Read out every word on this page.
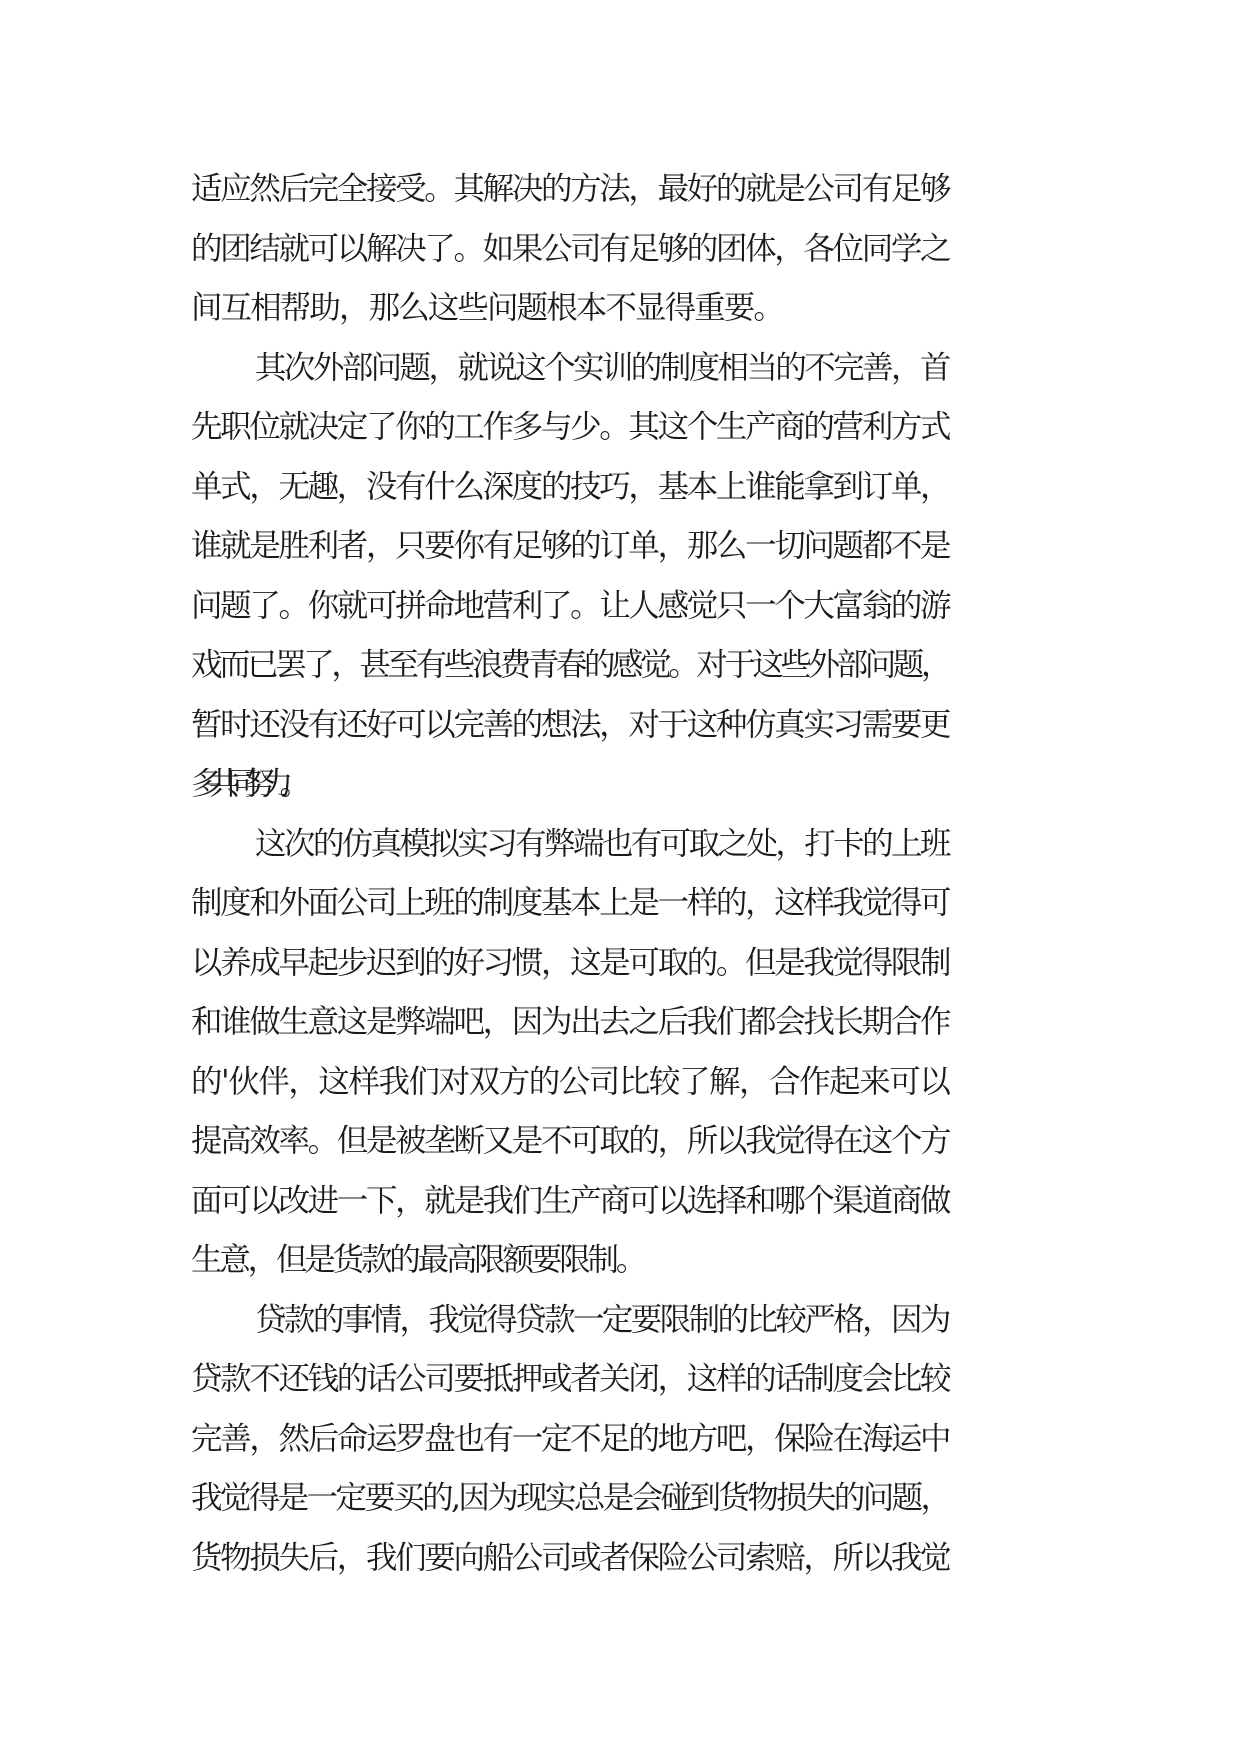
适应然后完全接受。其解决的方法，最好的就是公司有足够
的团结就可以解决了。如果公司有足够的团体，各位同学之
间互相帮助，那么这些问题根本不显得重要。
其次外部问题，就说这个实训的制度相当的不完善，首
先职位就决定了你的工作多与少。其这个生产商的营利方式
单式，无趣，没有什么深度的技巧，基本上谁能拿到订单，
谁就是胜利者，只要你有足够的订单，那么一切问题都不是
问题了。你就可拼命地营利了。让人感觉只一个大富翁的游
戏而已罢了，甚至有些浪费青春的感觉。对于这些外部问题，
暂时还没有还好可以完善的想法，对于这种仿真实习需要更
多共同努力。
这次的仿真模拟实习有弊端也有可取之处，打卡的上班
制度和外面公司上班的制度基本上是一样的，这样我觉得可
以养成早起步迟到的好习惯，这是可取的。但是我觉得限制
和谁做生意这是弊端吧，因为出去之后我们都会找长期合作
的'伙伴，这样我们对双方的公司比较了解，合作起来可以
提高效率。但是被垄断又是不可取的，所以我觉得在这个方
面可以改进一下，就是我们生产商可以选择和哪个渠道商做
生意，但是货款的最高限额要限制。
贷款的事情，我觉得贷款一定要限制的比较严格，因为
贷款不还钱的话公司要抵押或者关闭，这样的话制度会比较
完善，然后命运罗盘也有一定不足的地方吧，保险在海运中
我觉得是一定要买的,因为现实总是会碰到货物损失的问题，
货物损失后，我们要向船公司或者保险公司索赔，所以我觉
